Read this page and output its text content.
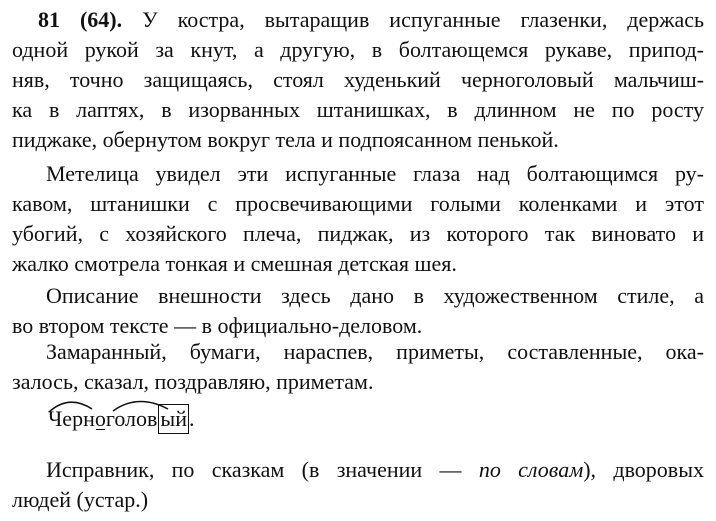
81 (64). У костра, вытаращив испуганные глазенки, держась
одной рукой за кнут, а другую, в болтающемся рукаве, припод-
няв, точно защищаясь, стоял худенький черноголовый мальчиш-
ка в лаптях, в изорванных штанишках, в длинном не по росту
пиджаке, обернутом вокруг тела и подпоясанном пенькой.
Метелица увидел эти испуганные глаза над болтающимся ру-
кавом, штанишки с просвечивающими голыми коленками и этот
убогий, с хозяйского плеча, пиджак, из которого так виновато и
жалко смотрела тонкая и смешная детская шея.
Описание внешности здесь дано в художественном стиле, а
во втором тексте — в официально-деловом.
Замаранный, бумаги, нараспев, приметы, составленные, ока-
залось, сказал, поздравляю, приметам.
Черно
голов ый.
Исправник, по сказкам (в значении — по словам), дворовых
людей (устар.)
